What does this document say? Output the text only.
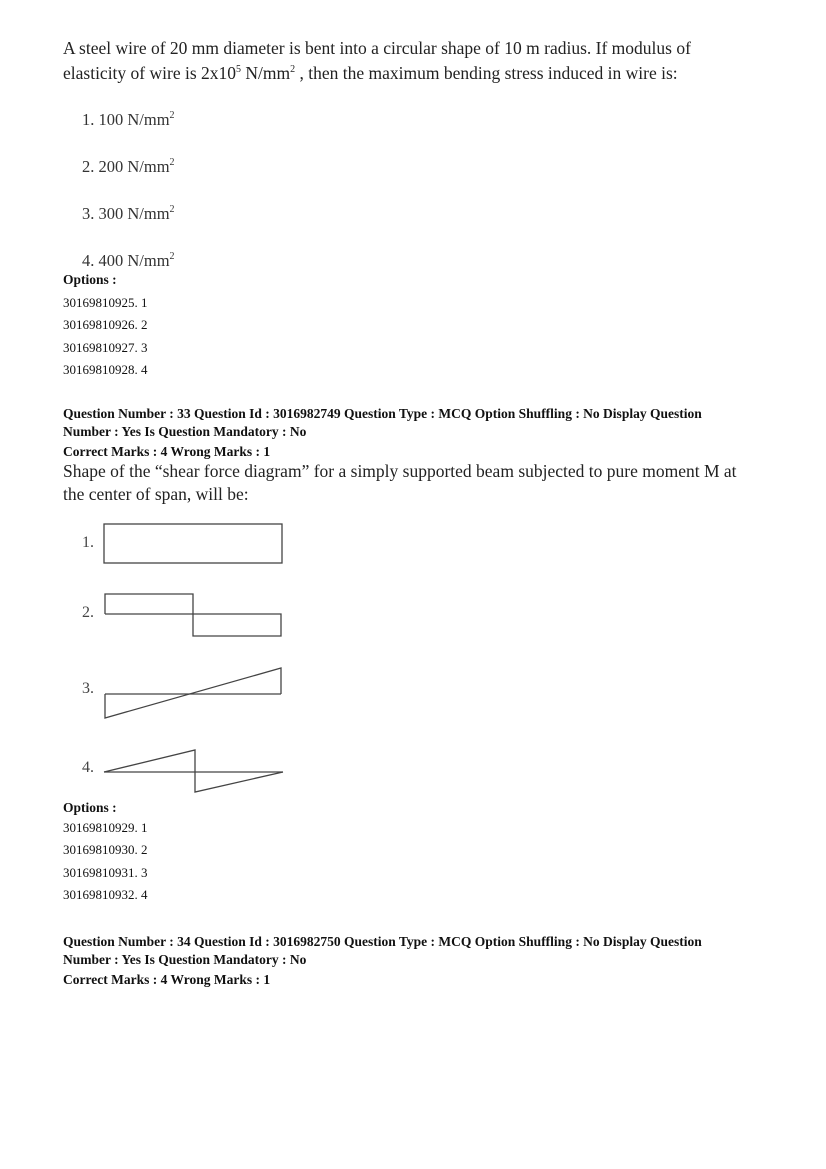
A steel wire of 20 mm diameter is bent into a circular shape of 10 m radius. If modulus of
elasticity of wire is $2x10^5$ $N/mm^2$ , then the maximum bending stress induced in wire is:
1. 100 $N/mm^2$
2. 200 $N/mm^2$
3. 300 $N/mm^2$
4. 400 $N/mm^2$
Options :
30169810925. 1
30169810926. 2
30169810927. 3
30169810928. 4
Question Number : 33 Question Id : 3016982749 Question Type : MCQ Option Shuffling : No Display Question
Number : Yes Is Question Mandatory : No
Correct Marks : 4 Wrong Marks : 1
Shape of the “shear force diagram” for a simply supported beam subjected to pure moment M at
the center of span, will be:
1.
2.
3.
4.
Options :
30169810929. 1
30169810930. 2
30169810931. 3
30169810932. 4
Question Number : 34 Question Id : 3016982750 Question Type : MCQ Option Shuffling : No Display Question
Number : Yes Is Question Mandatory : No
Correct Marks : 4 Wrong Marks : 1
